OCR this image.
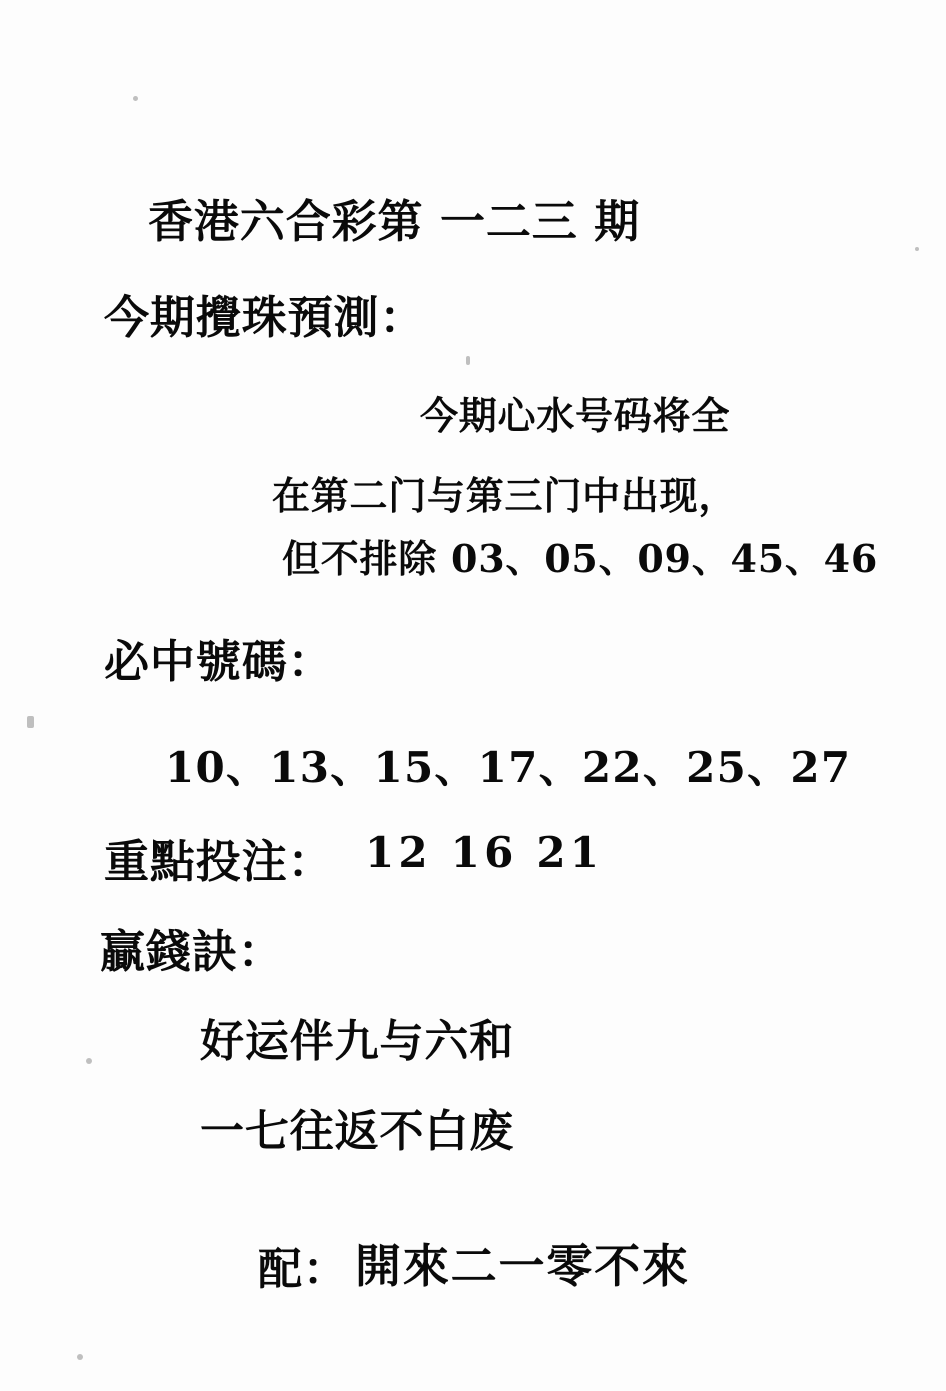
香港六合彩第 一二三 期
今期攪珠預測：
今期心水号码将全
在第二门与第三门中出现，
但不排除 03、05、09、45、46
必中號碼：
10、13、15、17、22、25、27
重點投注： 12 16 21
贏錢訣：
好运伴九与六和
一七往返不白废
配： 開來二一零不來
